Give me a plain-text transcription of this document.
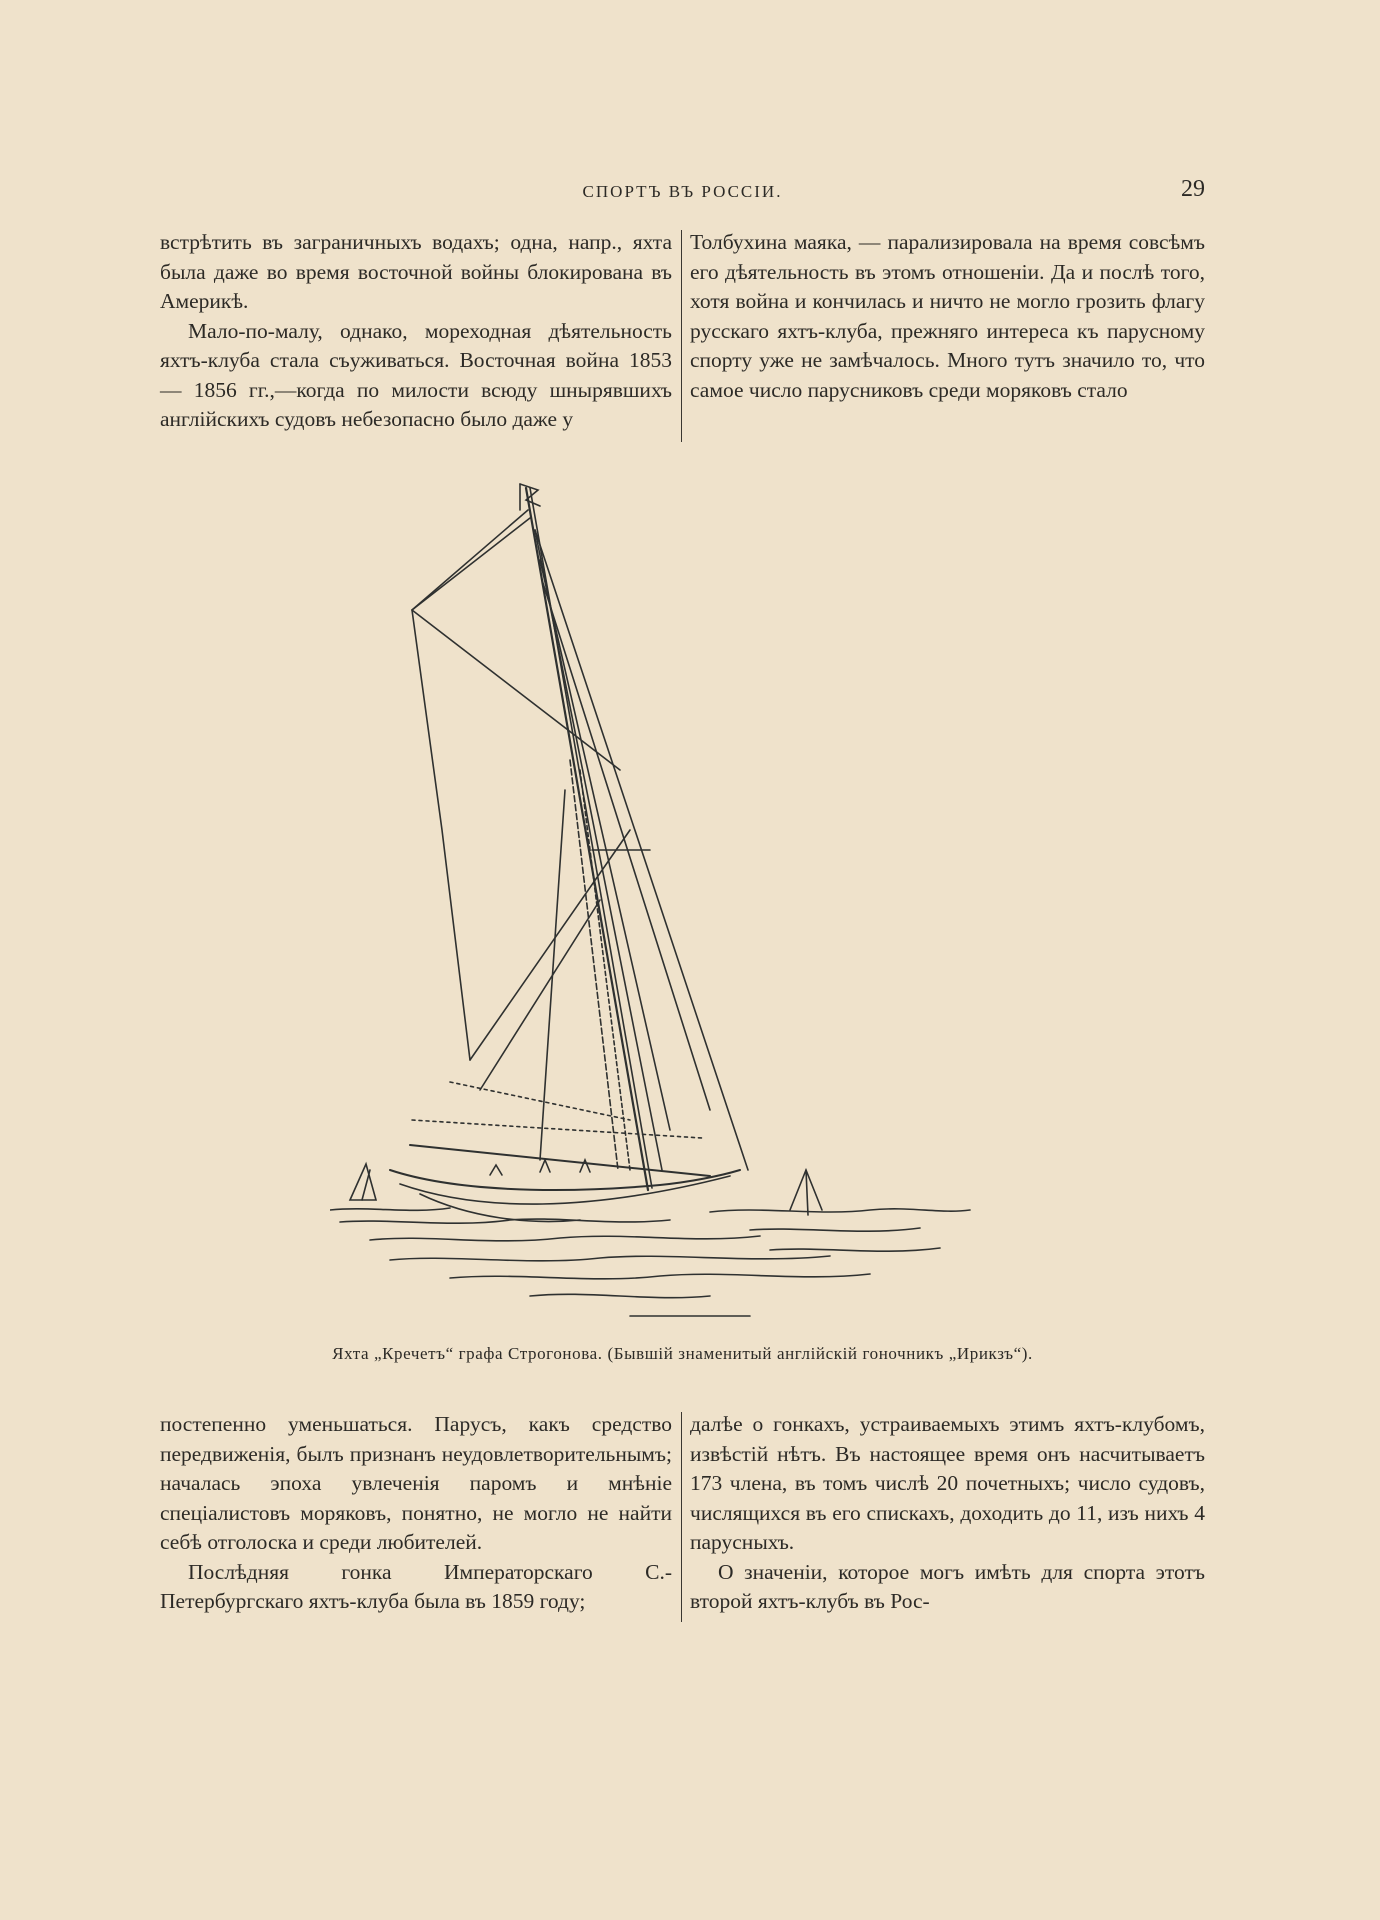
СПОРТЪ ВЪ РОССІИ.	29

встрѣтить въ заграничныхъ водахъ; одна, напр., яхта была даже во время восточной войны блокирована въ Америкѣ.

Мало-по-малу, однако, мореходная дѣятельность яхтъ-клуба стала съуживаться. Восточная война 1853 — 1856 гг.,—когда по милости всюду шнырявшихъ англійскихъ судовъ небезопасно было даже у

Толбухина маяка, — парализировала на время совсѣмъ его дѣятельность въ этомъ отношеніи. Да и послѣ того, хотя война и кончилась и ничто не могло грозить флагу русскаго яхтъ-клуба, прежняго интереса къ парусному спорту уже не замѣчалось. Много тутъ значило то, что самое число парусниковъ среди моряковъ стало

Яхта „Кречетъ“ графа Строгонова. (Бывшій знаменитый англійскій гоночникъ „Ирикзъ“).

постепенно уменьшаться. Парусъ, какъ средство передвиженія, былъ признанъ неудовлетворительнымъ; началась эпоха увлеченія паромъ и мнѣніе спеціалистовъ моряковъ, понятно, не могло не найти себѣ отголоска и среди любителей.

Послѣдняя гонка Императорскаго С.-Петербургскаго яхтъ-клуба была въ 1859 году;

далѣе о гонкахъ, устраиваемыхъ этимъ яхтъ-клубомъ, извѣстій нѣтъ. Въ настоящее время онъ насчитываетъ 173 члена, въ томъ числѣ 20 почетныхъ; число судовъ, числящихся въ его спискахъ, доходить до 11, изъ нихъ 4 парусныхъ.

О значеніи, которое могъ имѣть для спорта этотъ второй яхтъ-клубъ въ Рос-
